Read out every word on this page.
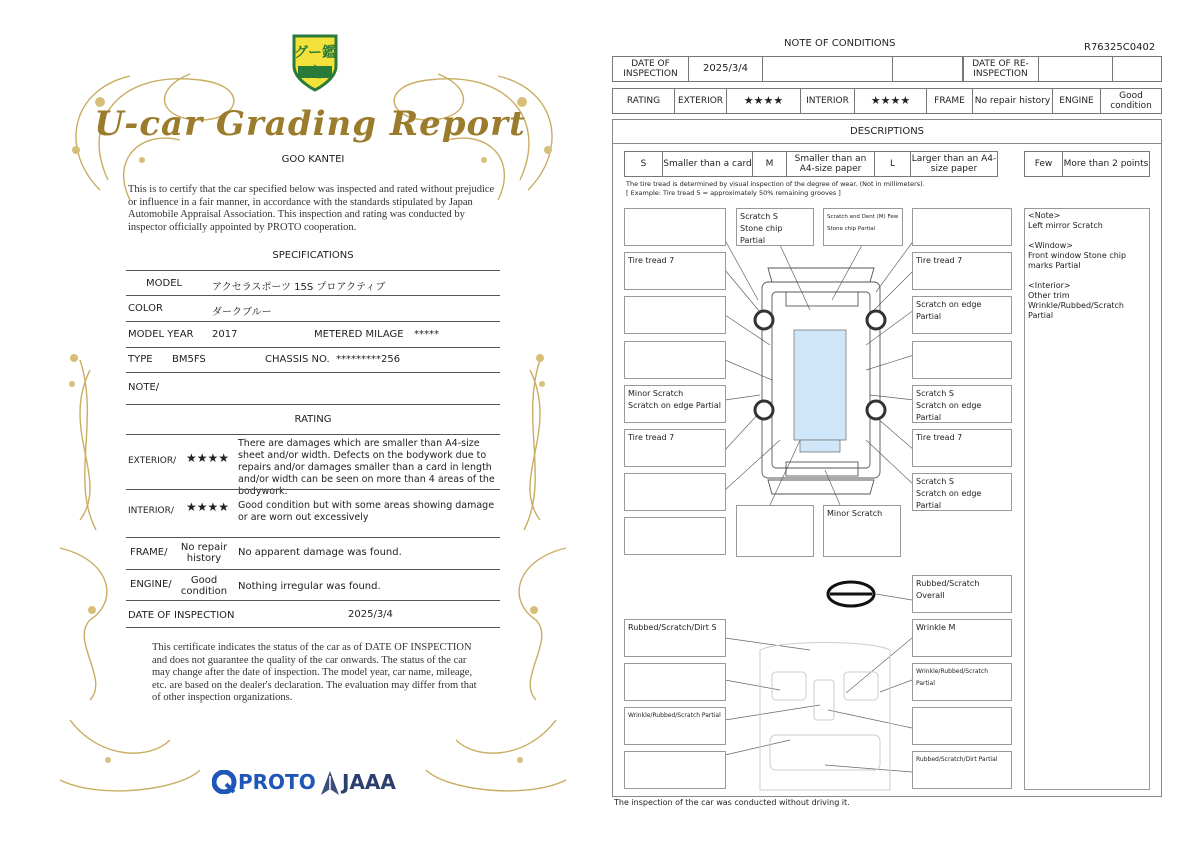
グー鑑定
U-car Grading Report
GOO KANTEI
This is to certify that the car specified below was inspected and rated without prejudice or influence in a fair manner, in accordance with the standards stipulated by Japan Automobile Appraisal Association. This inspection and rating was conducted by inspector officially appointed by PROTO cooperation.
SPECIFICATIONS
MODEL	アクセラスポーツ 15S プロアクティブ
COLOR	ダークブルー
MODEL YEAR 2017	METERED MILAGE *****
TYPE BM5FS	CHASSIS NO. *********256
NOTE/
RATING
EXTERIOR/ ★★★★
There are damages which are smaller than A4-size sheet and/or width. Defects on the bodywork due to repairs and/or damages smaller than a card in length and/or width can be seen on more than 4 areas of the bodywork.
INTERIOR/ ★★★★ Good condition but with some areas showing damage or are worn out excessively
FRAME/	No repair history
No apparent damage was found.
ENGINE/	Good condition	Nothing irregular was found.
DATE OF INSPECTION	2025/3/4
This certificate indicates the status of the car as of DATE OF INSPECTION and does not guarantee the quality of the car onwards. The status of the car may change after the date of inspection. The model year, car name, mileage, etc. are based on the dealer's declaration. The evaluation may differ from that of other inspection organizations.
PROTO JAAA
NOTE OF CONDITIONS	R76325C0402
DATE OF INSPECTION	2025/3/4	DATE OF RE-INSPECTION
RATING	EXTERIOR	★★★★	INTERIOR	★★★★	FRAME	No repair history	ENGINE	Good condition
DESCRIPTIONS
S	Smaller than a card	M	Smaller than an A4-size paper	L	Larger than an A4-size paper	Few	More than 2 points
The tire tread is determined by visual inspection of the degree of wear. (Not in millimeters).
[ Example: Tire tread 5 = approximately 50% remaining grooves ]
Tire tread 7
Minor Scratch
Scratch on edge Partial
Tire tread 7
Rubbed/Scratch/Dirt S
Wrinkle/Rubbed/Scratch Partial
Scratch S
Stone chip Partial
Scratch and Dent (M) Few
Stone chip Partial
Minor Scratch
Tire tread 7
Scratch on edge Partial
Scratch S
Scratch on edge Partial
Tire tread 7
Scratch S
Scratch on edge Partial
Rubbed/Scratch Overall
Wrinkle M
Wrinkle/Rubbed/Scratch Partial
Rubbed/Scratch/Dirt Partial
<Note>
Left mirror Scratch

<Window>
Front window Stone chip marks Partial

<Interior>
Other trim
Wrinkle/Rubbed/Scratch
Partial
The inspection of the car was conducted without driving it.
